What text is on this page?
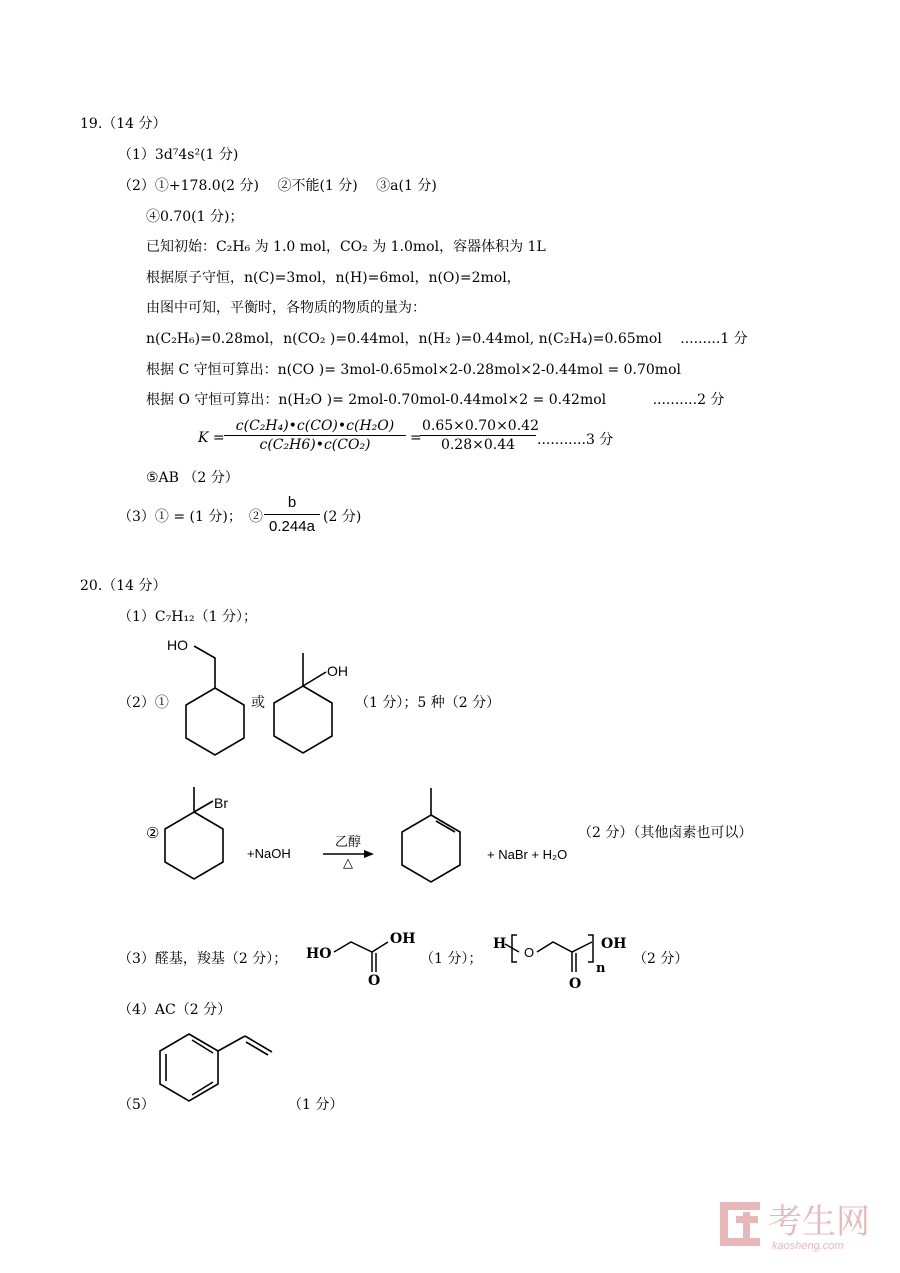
19.（14 分）
（1）3d⁷4s²(1 分)
（2）①+178.0(2 分)　 ②不能(1 分)　 ③a(1 分)
④0.70(1 分)；
已知初始：C₂H₆ 为 1.0 mol，CO₂ 为 1.0mol，容器体积为 1L
根据原子守恒，n(C)=3mol，n(H)=6mol，n(O)=2mol，
由图中可知，平衡时，各物质的物质的量为：
n(C₂H₆)=0.28mol，n(CO₂ )=0.44mol，n(H₂ )=0.44mol, n(C₂H₄)=0.65mol　 .........1 分
根据 C 守恒可算出：n(CO )= 3mol-0.65mol×2-0.28mol×2-0.44mol = 0.70mol
根据 O 守恒可算出：n(H₂O )= 2mol-0.70mol-0.44mol×2 = 0.42mol　　　 ..........2 分
$K = \frac{\text{c(C₂H₄)•c(CO)•c(H₂O)}}{\text{c(C₂H6)•c(CO₂)}}$ =
$\frac{0.65\times 0.70\times 0.42}{0.28\times 0.44} ...........3$ 分
⑤AB （2 分）
（3）① = (1 分)；　② $\frac{b}{0.244a} (2$ 分)
20.（14 分）
（1）C₇H₁₂（1 分）；
（2）①
HO
或
OH
（1 分）；5 种（2 分）
②
Br
+NaOH
乙醇
△
+ NaBr + H₂O
（2 分）（其他卤素也可以）
（3）醛基，羧基（2 分）； HO
OH
O
（1 分）；
H
O
O
n
OH
（2 分）
（4）AC（2 分）
（5）	（1 分）
考生网
kaosheng.com
